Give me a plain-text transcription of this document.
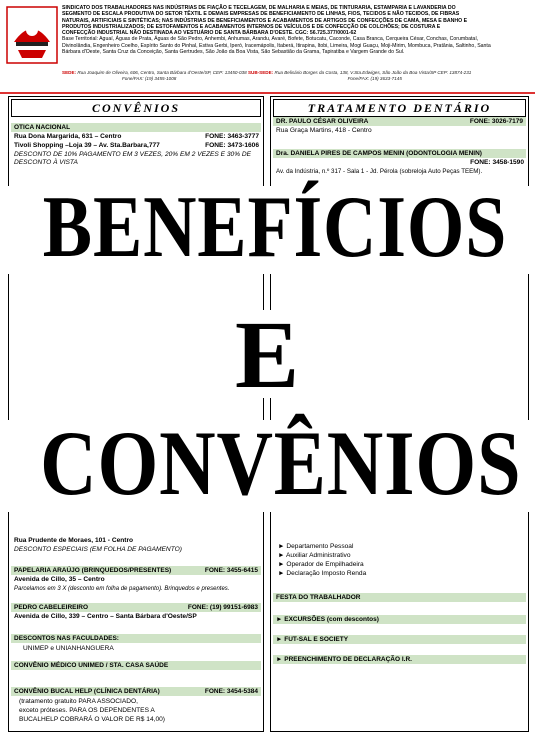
SINDICATO DOS TRABALHADORES NAS INDÚSTRIAS DE FIAÇÃO E TECELAGEM, DE MALHARIA E MEIAS, DE TINTURARIA, ESTAMPARIA E LAVANDERIA DO
SEGMENTO DE ESCALA PRODUTIVA DO SETOR TÊXTIL E DEMAIS EMPRESAS DE BENEFICIAMENTO DE LINHAS, FIOS, TECIDOS E NÃO TECIDOS, DE FIBRAS
NATURAIS, ARTIFICIAIS E SINTÉTICAS; NAS INDÚSTRIAS DE BENEFICIAMENTOS E ACABAMENTOS DE ARTIGOS DE CONFECÇÕES DE CAMA, MESA E BANHO E
PRODUTOS INDUSTRIALIZADOS; DE ESTOFAMENTOS E ACABAMENTOS INTERNOS DE VEÍCULOS E DE CONFECÇÃO DE COLCHÕES; DE COSTURA E
CONFECÇÃO INDUSTRIAL NÃO DESTINADA AO VESTUÁRIO DE SANTA BÁRBARA D'OESTE. CGC: 56.725.377/0001-62
Base Territorial: Aguaí, Águas de Prata, Águas de São Pedro, Anhembi, Anhumas, Arandu, Avaré, Bofete, Botucatu, Caconde, Casa Branca, Cerqueira César, Conchas, Corumbataí,
Divinolândia, Engenheiro Coelho, Espírito Santo do Pinhal, Estiva Gerbi, Iperó, Iracemápolis, Itaberá, Itirapina, Itobi, Limeira, Mogi Guaçu, Moji-Mirim, Mombuca, Pratânia, Saltinho, Santa
Bárbara d'Oeste, Santa Cruz da Conceição, Santa Gertrudes, São João da Boa Vista, São Sebastião da Grama, Tapiratiba e Vargem Grande do Sul.
SEDE: Rua Joaquim de Oliveira, 606, Centro, Santa Bárbara d'Oeste/SP, CEP: 13450-038 SUB-SEDE: Rua Belisário Borges da Costa, 138, V.Sta.Edwiges, São João da Boa Vista/SP CEP: 13874-231
Fone/FAX: (19) 3455-1008	Fone/FAX: (19) 3633-7145
CONVÊNIOS
OTICA NACIONAL
Rua Dona Margarida, 631 – Centro	FONE: 3463-3777
Tivoli Shopping –Loja 39 – Av. Sta.Barbara,777	FONE: 3473-1606
DESCONTO DE 10% PAGAMENTO EM 3 VEZES, 20% EM 2 VEZES E 30% DE
DESCONTO À VISTA
Rua Prudente de Moraes, 101 - Centro
DESCONTO ESPECIAIS (EM FOLHA DE PAGAMENTO)
PAPELARIA ARAÚJO (BRINQUEDOS/PRESENTES)	FONE: 3455-6415
Avenida de Cillo, 35 – Centro
Parcelamos em 3 X (desconto em folha de pagamento). Brinquedos e presentes.
PEDRO CABELEIREIRO	FONE: (19) 99151-6983
Avenida de Cillo, 339 – Centro – Santa Bárbara d'Oeste/SP
DESCONTOS NAS FACULDADES:
UNIMEP e UNIANHANGUERA
CONVÊNIO MÉDICO UNIMED / STA. CASA SAÚDE
CONVÊNIO BUCAL HELP (CLÍNICA DENTÁRIA)	FONE: 3454-5384
(tratamento gratuito PARA ASSOCIADO,
exceto próteses. PARA OS DEPENDENTES A
BUCALHELP COBRARÁ O VALOR DE R$ 14,00)
TRATAMENTO DENTÁRIO
DR. PAULO CÉSAR OLIVEIRA	FONE: 3026-7179
Rua Graça Martins, 418 - Centro
Dra. DANIELA PIRES DE CAMPOS MENIN (ODONTOLOGIA MENIN)
FONE: 3458-1590
Av. da Indústria, n.º 317 - Sala 1 - Jd. Pérola (sobreloja Auto Peças TEEM).
► Departamento Pessoal
► Auxiliar Administrativo
► Operador de Empilhadeira
► Declaração Imposto Renda
FESTA DO TRABALHADOR
► EXCURSÕES (com descontos)
► FUT-SAL E SOCIETY
► PREENCHIMENTO DE DECLARAÇÃO I.R.
BENEFÍCIOS
E
CONVÊNIOS
